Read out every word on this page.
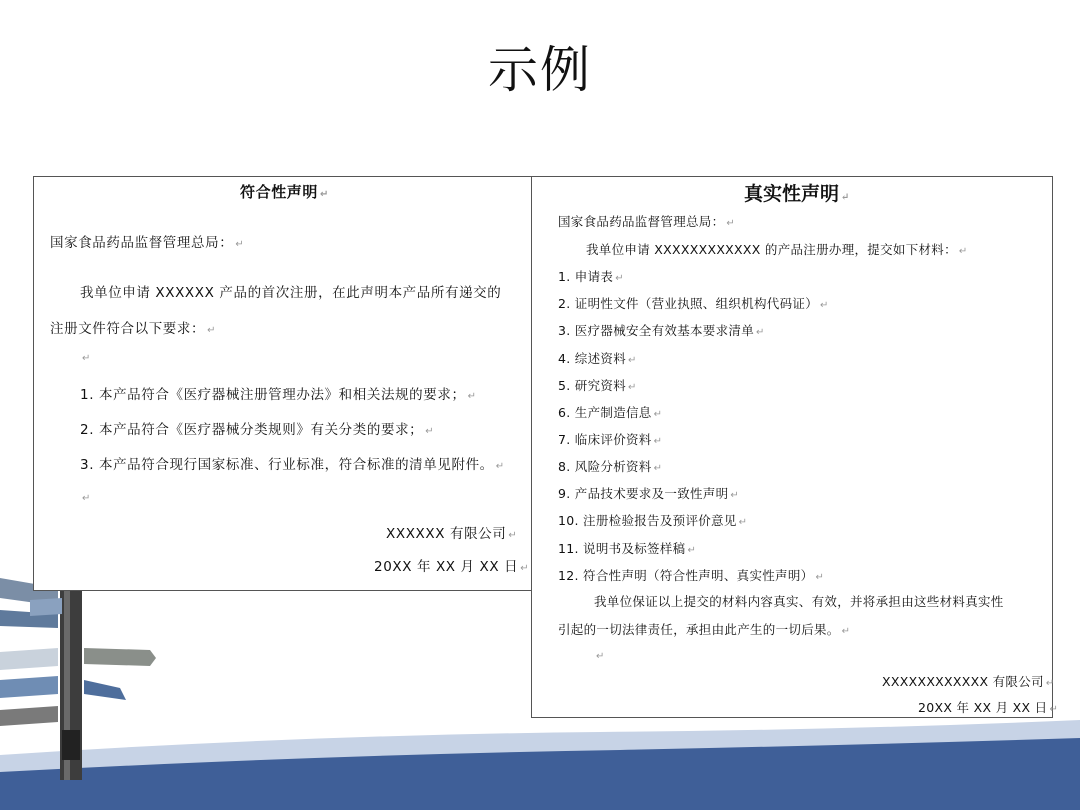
示例
符合性声明 ↵
国家食品药品监督管理总局： ↵
我单位申请 XXXXXX 产品的首次注册，在此声明本产品所有递交的
注册文件符合以下要求： ↵
↵
1. 本产品符合《医疗器械注册管理办法》和相关法规的要求； ↵
2. 本产品符合《医疗器械分类规则》有关分类的要求； ↵
3. 本产品符合现行国家标准、行业标准，符合标准的清单见附件。 ↵
↵
XXXXXX 有限公司 ↵
20XX 年 XX 月 XX 日 ↵
真实性声明 ↵
国家食品药品监督管理总局： ↵
我单位申请 XXXXXXXXXXXX 的产品注册办理，提交如下材料： ↵
1. 申请表 ↵
2. 证明性文件（营业执照、组织机构代码证） ↵
3. 医疗器械安全有效基本要求清单 ↵
4. 综述资料 ↵
5. 研究资料 ↵
6. 生产制造信息 ↵
7. 临床评价资料 ↵
8. 风险分析资料 ↵
9. 产品技术要求及一致性声明 ↵
10. 注册检验报告及预评价意见 ↵
11. 说明书及标签样稿 ↵
12. 符合性声明（符合性声明、真实性声明） ↵
我单位保证以上提交的材料内容真实、有效，并将承担由这些材料真实性
引起的一切法律责任，承担由此产生的一切后果。 ↵
↵
XXXXXXXXXXXX 有限公司 ↵
20XX 年 XX 月 XX 日 ↵
